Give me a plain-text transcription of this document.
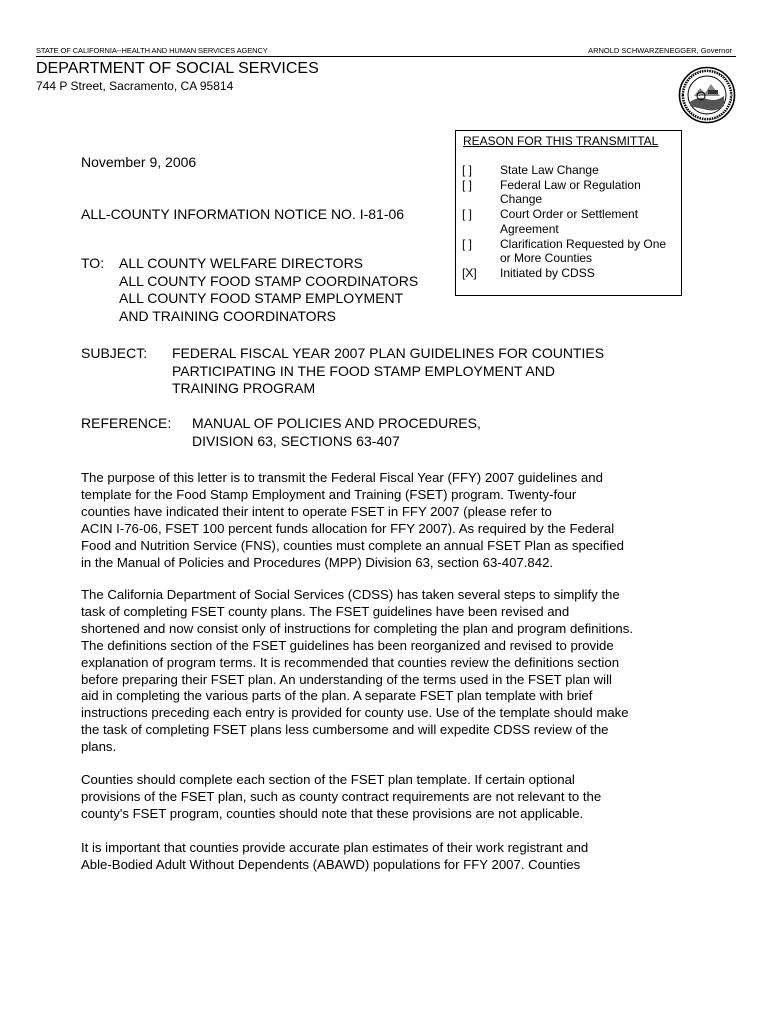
STATE OF CALIFORNIA--HEALTH AND HUMAN SERVICES AGENCY	ARNOLD SCHWARZENEGGER, Governor
DEPARTMENT OF SOCIAL SERVICES
744 P Street, Sacramento, CA 95814
REASON FOR THIS TRANSMITTAL
[ ] State Law Change
[ ] Federal Law or Regulation
Change
[ ] Court Order or Settlement
Agreement
[ ] Clarification Requested by One
or More Counties
[X] Initiated by CDSS
November 9, 2006
ALL-COUNTY INFORMATION NOTICE NO. I-81-06
TO: ALL COUNTY WELFARE DIRECTORS
ALL COUNTY FOOD STAMP COORDINATORS
ALL COUNTY FOOD STAMP EMPLOYMENT
AND TRAINING COORDINATORS
SUBJECT: FEDERAL FISCAL YEAR 2007 PLAN GUIDELINES FOR COUNTIES
PARTICIPATING IN THE FOOD STAMP EMPLOYMENT AND
TRAINING PROGRAM
REFERENCE: MANUAL OF POLICIES AND PROCEDURES,
DIVISION 63, SECTIONS 63-407
The purpose of this letter is to transmit the Federal Fiscal Year (FFY) 2007 guidelines and
template for the Food Stamp Employment and Training (FSET) program. Twenty-four
counties have indicated their intent to operate FSET in FFY 2007 (please refer to
ACIN I-76-06, FSET 100 percent funds allocation for FFY 2007). As required by the Federal
Food and Nutrition Service (FNS), counties must complete an annual FSET Plan as specified
in the Manual of Policies and Procedures (MPP) Division 63, section 63-407.842.
The California Department of Social Services (CDSS) has taken several steps to simplify the
task of completing FSET county plans. The FSET guidelines have been revised and
shortened and now consist only of instructions for completing the plan and program definitions.
The definitions section of the FSET guidelines has been reorganized and revised to provide
explanation of program terms. It is recommended that counties review the definitions section
before preparing their FSET plan. An understanding of the terms used in the FSET plan will
aid in completing the various parts of the plan. A separate FSET plan template with brief
instructions preceding each entry is provided for county use. Use of the template should make
the task of completing FSET plans less cumbersome and will expedite CDSS review of the
plans.
Counties should complete each section of the FSET plan template. If certain optional
provisions of the FSET plan, such as county contract requirements are not relevant to the
county's FSET program, counties should note that these provisions are not applicable.
It is important that counties provide accurate plan estimates of their work registrant and
Able-Bodied Adult Without Dependents (ABAWD) populations for FFY 2007. Counties
